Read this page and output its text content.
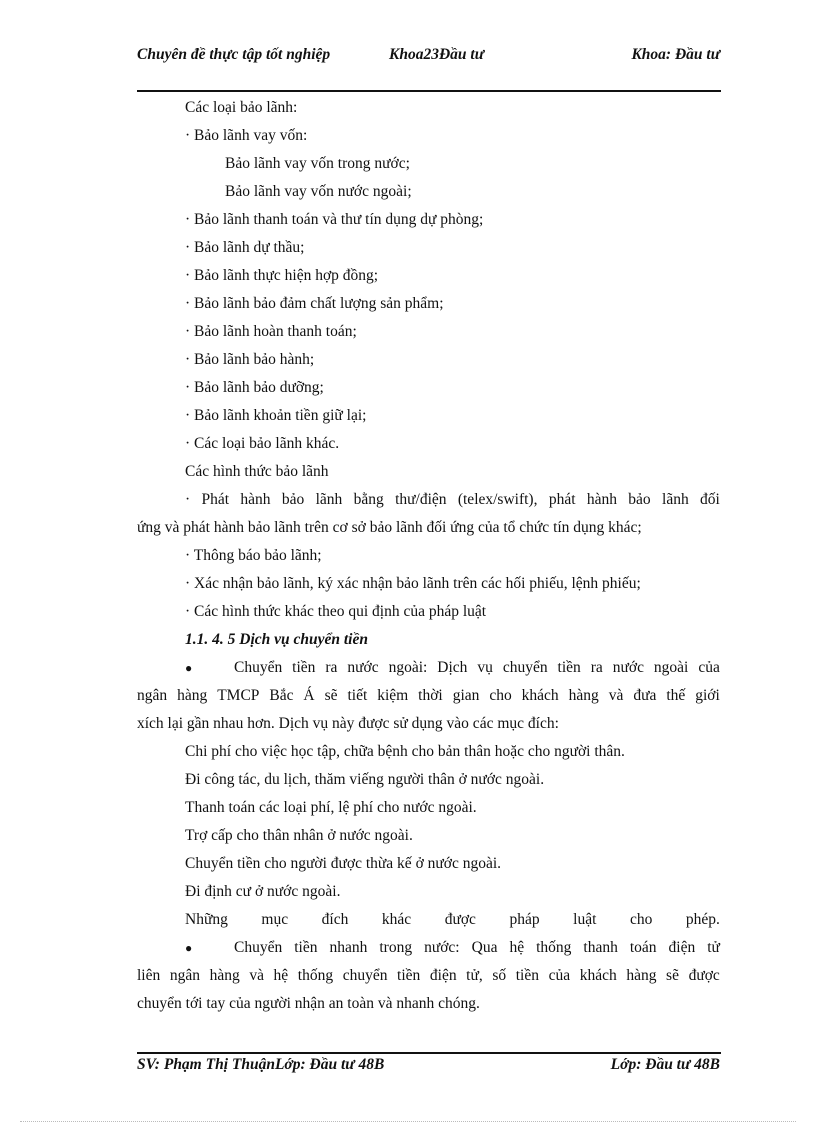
Chuyên đề thực tập tốt nghiệp	Khoa23Đầu tư	Khoa: Đầu tư
Các loại bảo lãnh:
· Bảo lãnh vay vốn:
Bảo lãnh vay vốn trong nước;
Bảo lãnh vay vốn nước ngoài;
· Bảo lãnh thanh toán và thư tín dụng dự phòng;
· Bảo lãnh dự thầu;
· Bảo lãnh thực hiện hợp đồng;
· Bảo lãnh bảo đảm chất lượng sản phẩm;
· Bảo lãnh hoàn thanh toán;
· Bảo lãnh bảo hành;
· Bảo lãnh bảo dưỡng;
· Bảo lãnh khoản tiền giữ lại;
· Các loại bảo lãnh khác.
Các hình thức bảo lãnh
· Phát hành bảo lãnh bằng thư/điện (telex/swift), phát hành bảo lãnh đối
ứng và phát hành bảo lãnh trên cơ sở bảo lãnh đối ứng của tổ chức tín dụng khác;
· Thông báo bảo lãnh;
· Xác nhận bảo lãnh, ký xác nhận bảo lãnh trên các hối phiếu, lệnh phiếu;
· Các hình thức khác theo qui định của pháp luật
1.1. 4. 5 Dịch vụ chuyển tiền
●	Chuyển tiền ra nước ngoài: Dịch vụ chuyển tiền ra nước ngoài của
ngân hàng TMCP Bắc Á sẽ tiết kiệm thời gian cho khách hàng và đưa thế giới
xích lại gần nhau hơn. Dịch vụ này được sử dụng vào các mục đích:
Chi phí cho việc học tập, chữa bệnh cho bản thân hoặc cho người thân.
Đi công tác, du lịch, thăm viếng người thân ở nước ngoài.
Thanh toán các loại phí, lệ phí cho nước ngoài.
Trợ cấp cho thân nhân ở nước ngoài.
Chuyển tiền cho người được thừa kế ở nước ngoài.
Đi định cư ở nước ngoài.
Những mục đích khác được pháp luật cho phép.
●	Chuyển tiền nhanh trong nước: Qua hệ thống thanh toán điện tử
liên ngân hàng và hệ thống chuyển tiền điện tử, số tiền của khách hàng sẽ được
chuyển tới tay của người nhận an toàn và nhanh chóng.
SV: Phạm Thị ThuậnLớp: Đầu tư 48B	Lớp: Đầu tư 48B
